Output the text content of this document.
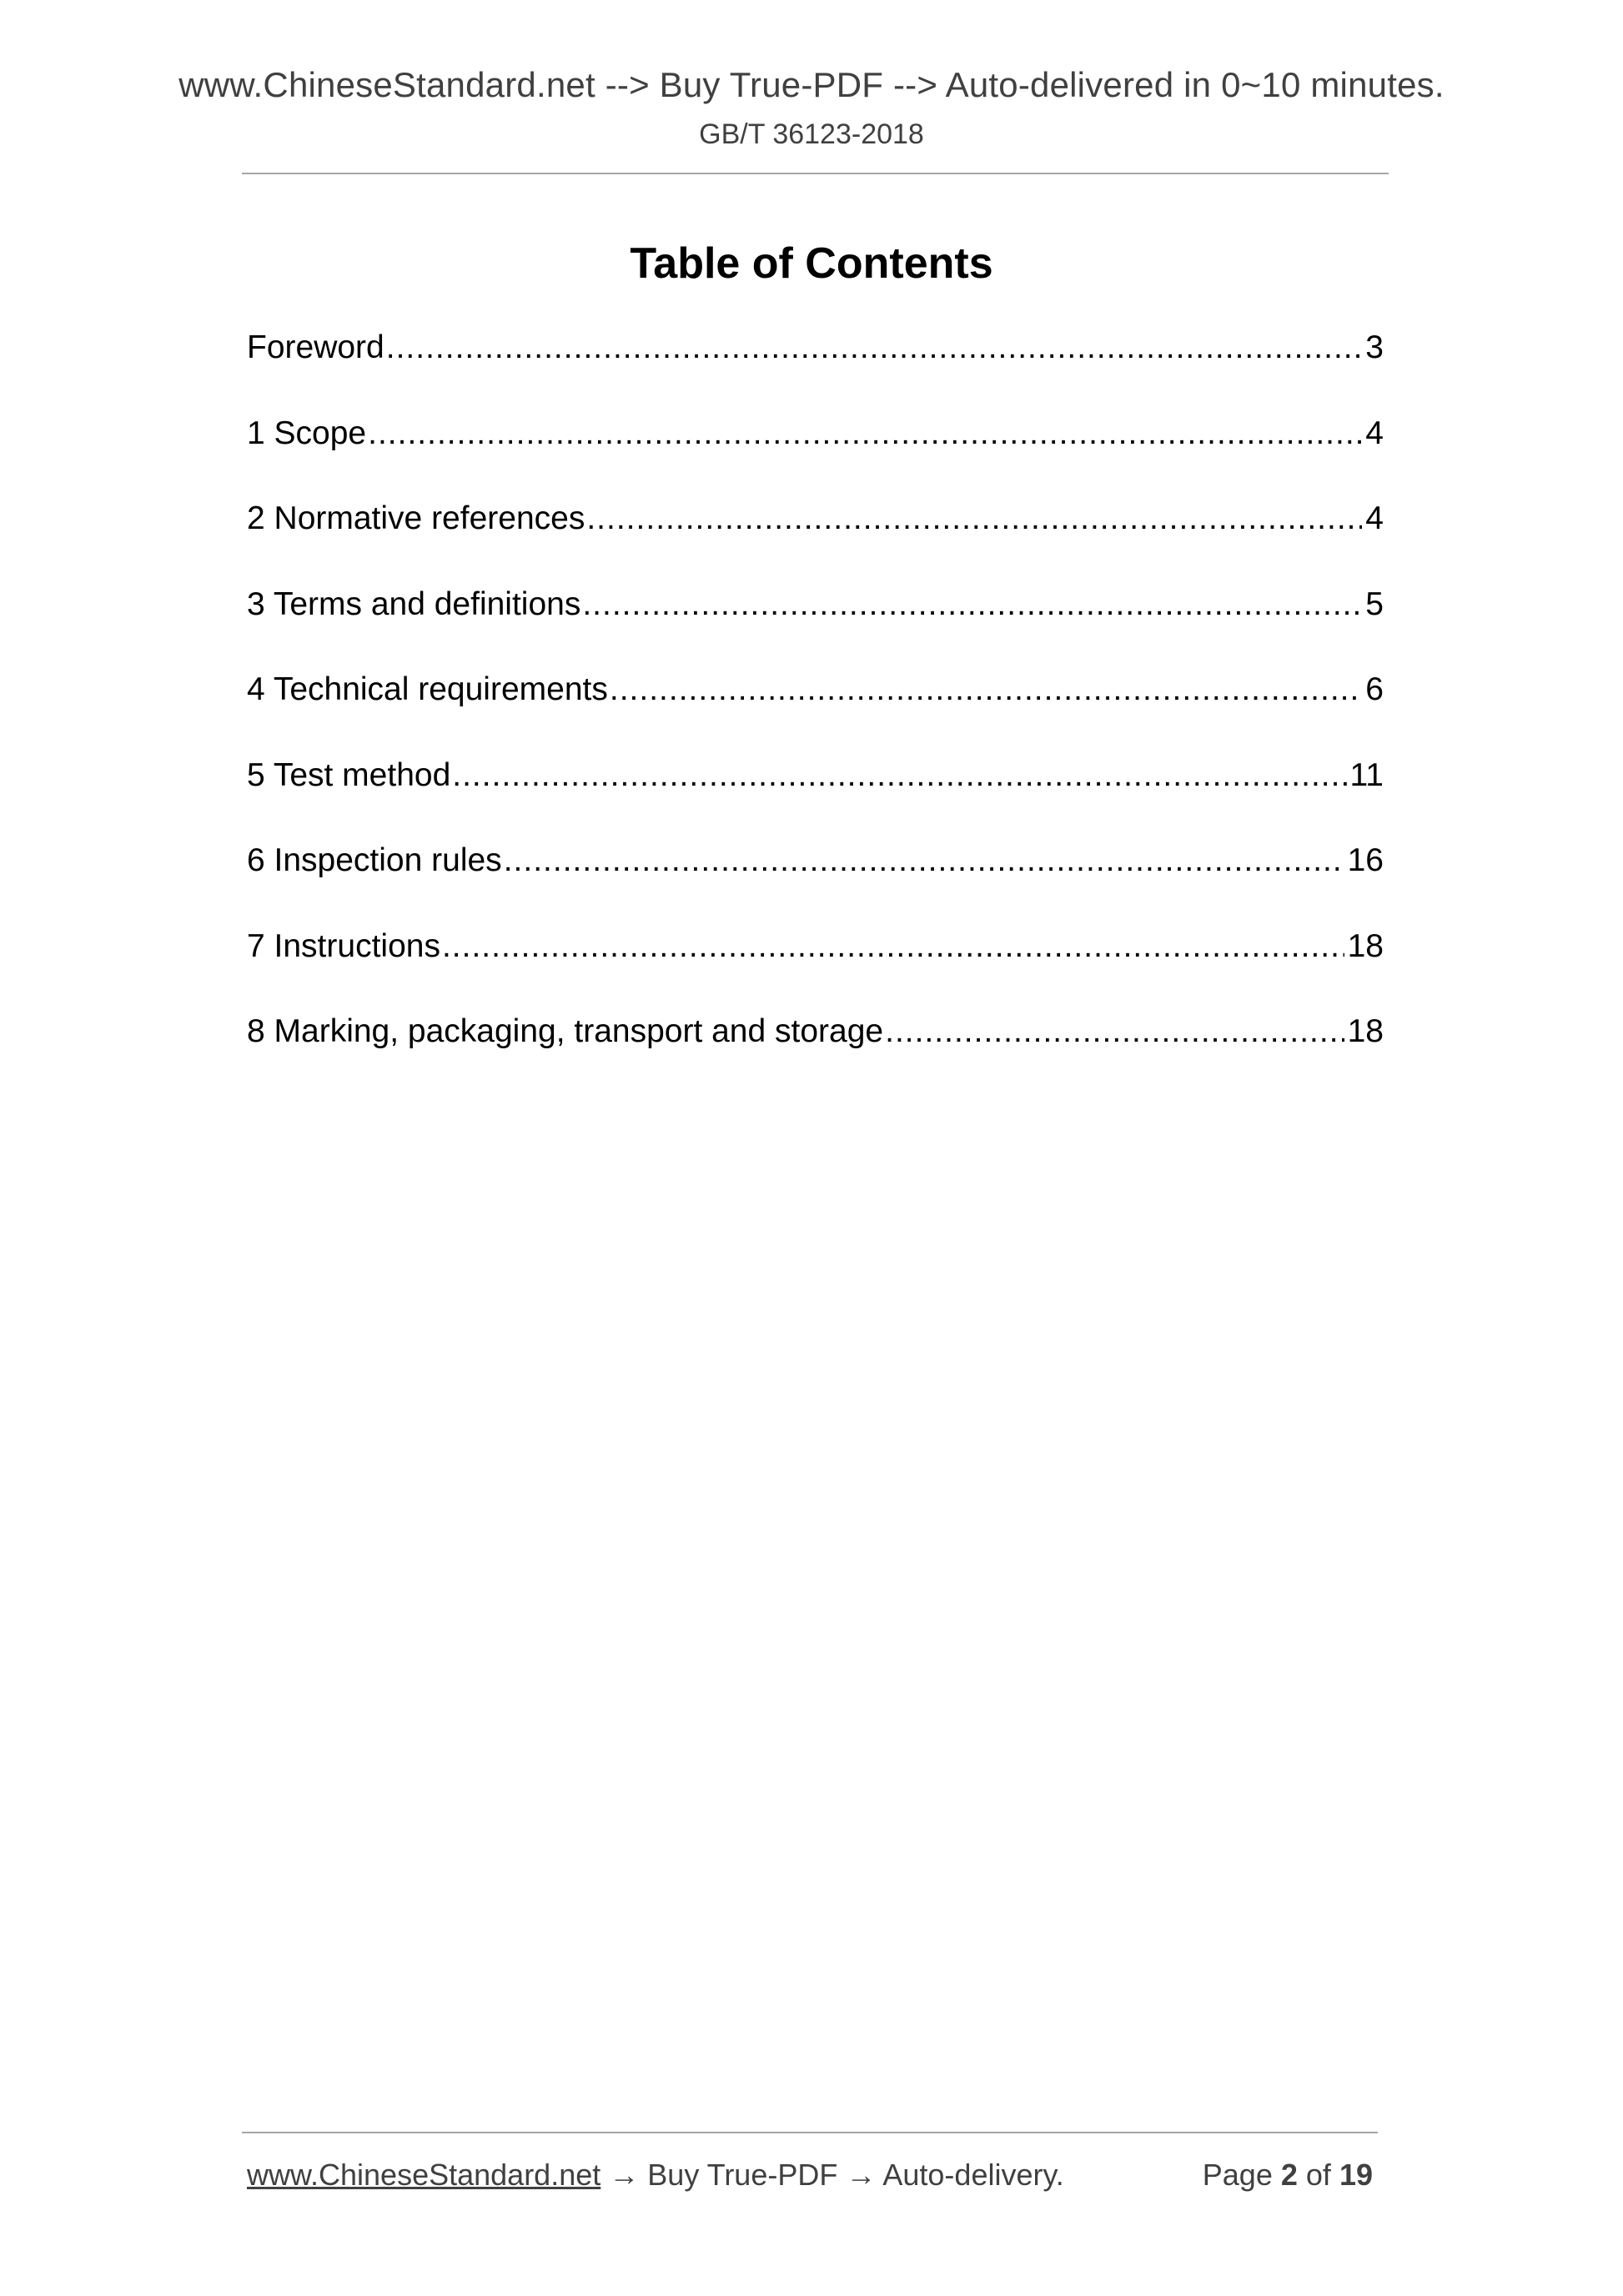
www.ChineseStandard.net --> Buy True-PDF --> Auto-delivered in 0~10 minutes.
GB/T 36123-2018
Table of Contents
Foreword .....	3
1 Scope .....	4
2 Normative references .....	4
3 Terms and definitions .....	5
4 Technical requirements .....	6
5 Test method .....	11
6 Inspection rules .....	16
7 Instructions .....	18
8 Marking, packaging, transport and storage .....	18
www.ChineseStandard.net → Buy True-PDF → Auto-delivery.	Page 2 of 19
